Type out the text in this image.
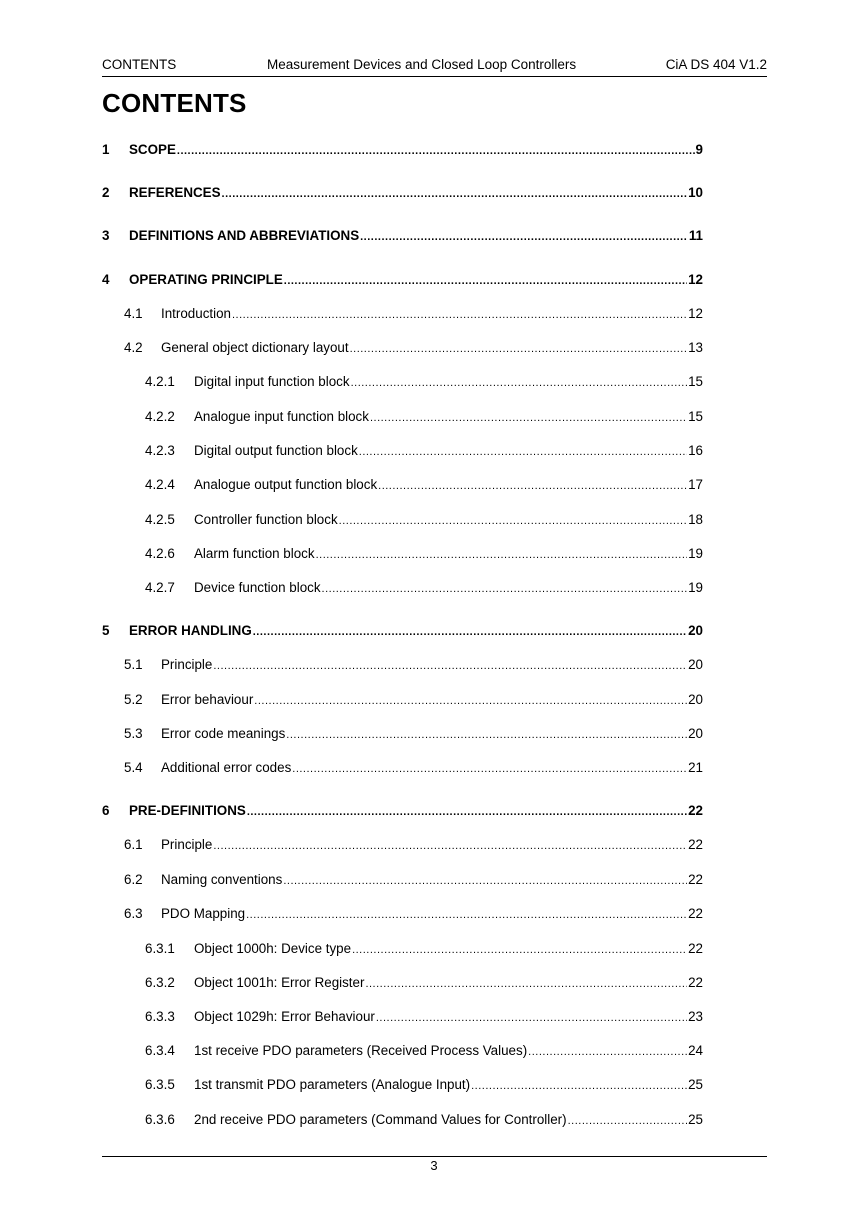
CONTENTS	Measurement Devices and Closed Loop Controllers	CiA DS 404 V1.2
CONTENTS
1 SCOPE .....	9
2 REFERENCES .....	10
3 DEFINITIONS AND ABBREVIATIONS .....	11
4 OPERATING PRINCIPLE .....	12
4.1 Introduction .....	12
4.2 General object dictionary layout .....	13
4.2.1 Digital input function block .....	15
4.2.2 Analogue input function block .....	15
4.2.3 Digital output function block .....	16
4.2.4 Analogue output function block .....	17
4.2.5 Controller function block .....	18
4.2.6 Alarm function block .....	19
4.2.7 Device function block .....	19
5 ERROR HANDLING .....	20
5.1 Principle .....	20
5.2 Error behaviour .....	20
5.3 Error code meanings .....	20
5.4 Additional error codes .....	21
6 PRE-DEFINITIONS .....	22
6.1 Principle .....	22
6.2 Naming conventions .....	22
6.3 PDO Mapping .....	22
6.3.1 Object 1000h: Device type .....	22
6.3.2 Object 1001h: Error Register .....	22
6.3.3 Object 1029h: Error Behaviour .....	23
6.3.4 1st receive PDO parameters (Received Process Values) .....	24
6.3.5 1st transmit PDO parameters (Analogue Input) .....	25
6.3.6 2nd receive PDO parameters (Command Values for Controller) .....	25
3
